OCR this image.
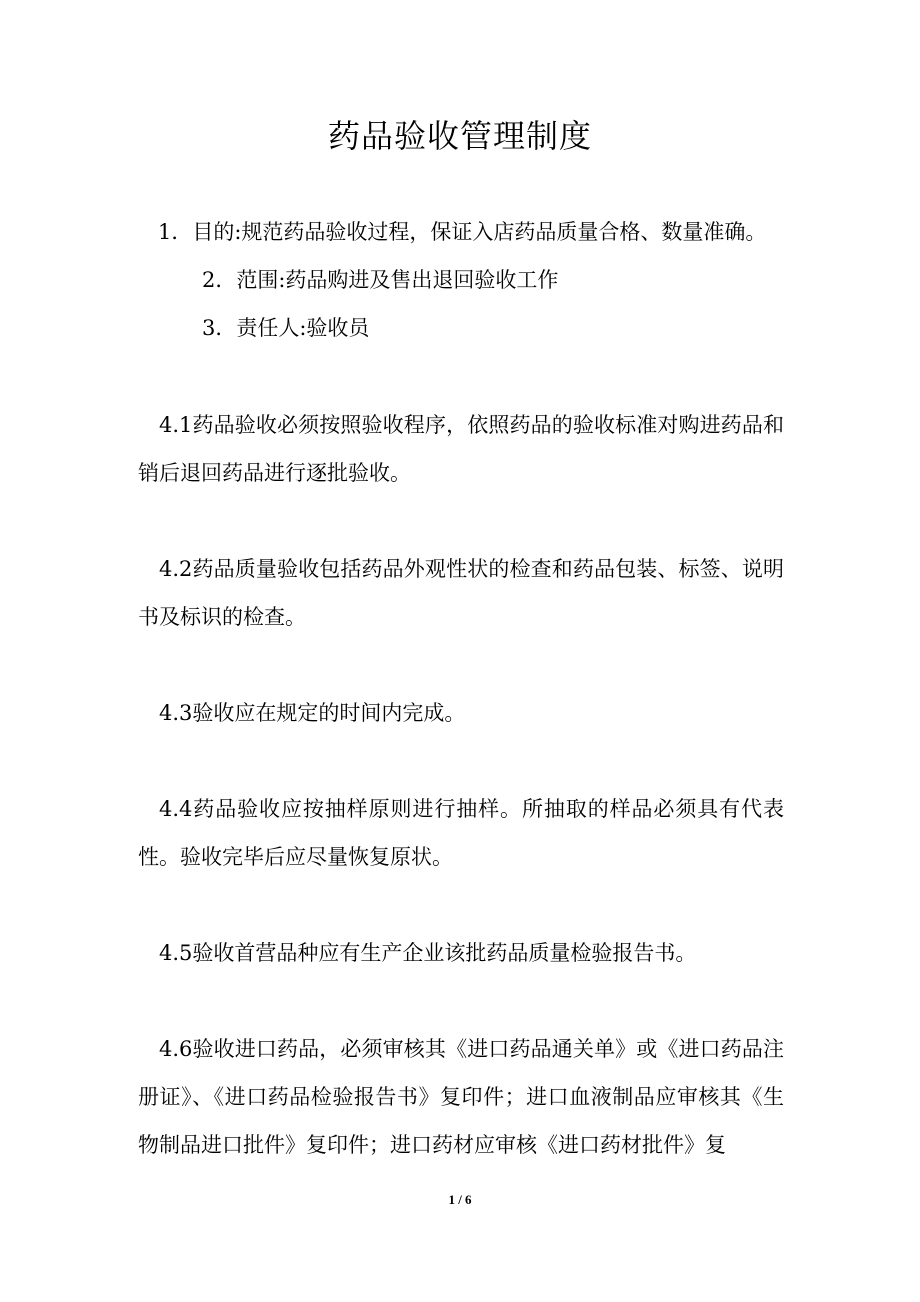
药品验收管理制度
1．目的:规范药品验收过程，保证入店药品质量合格、数量准确。
2．范围:药品购进及售出退回验收工作
3．责任人:验收员
4.1药品验收必须按照验收程序，依照药品的验收标准对购进药品和销后退回药品进行逐批验收。
4.2药品质量验收包括药品外观性状的检查和药品包装、标签、说明书及标识的检查。
4.3验收应在规定的时间内完成。
4.4药品验收应按抽样原则进行抽样。所抽取的样品必须具有代表性。验收完毕后应尽量恢复原状。
4.5验收首营品种应有生产企业该批药品质量检验报告书。
4.6验收进口药品，必须审核其《进口药品通关单》或《进口药品注册证》、《进口药品检验报告书》复印件；进口血液制品应审核其《生物制品进口批件》复印件；进口药材应审核《进口药材批件》复
1 / 6
